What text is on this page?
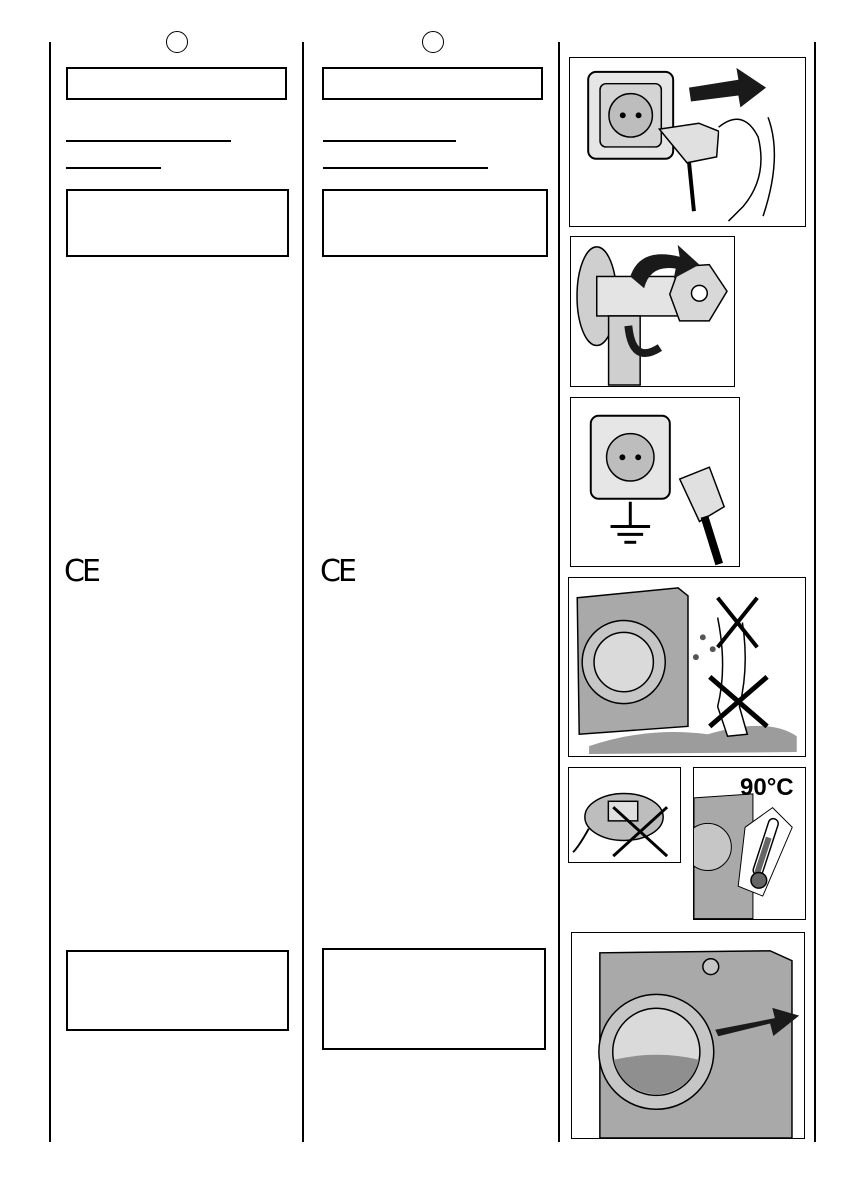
CE	CE
90°C
